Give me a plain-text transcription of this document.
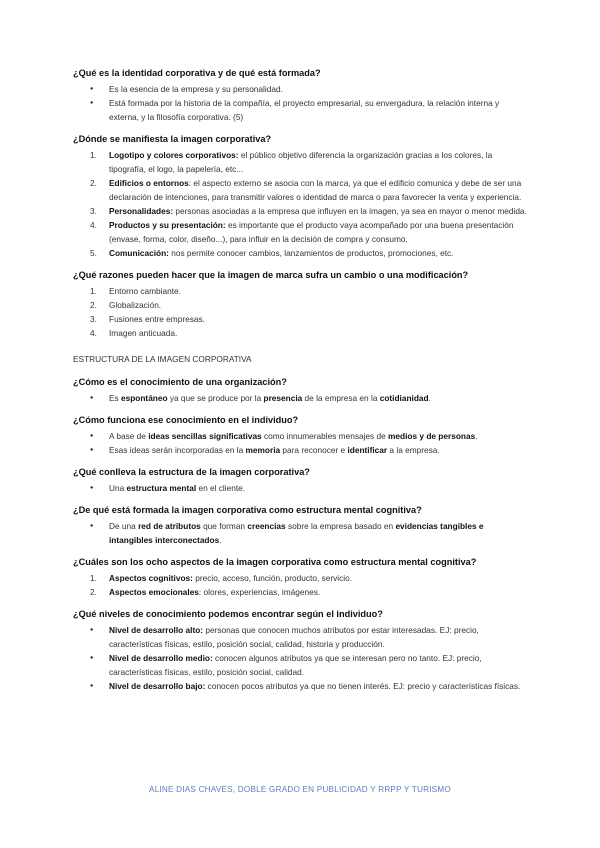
¿Qué es la identidad corporativa y de qué está formada?

● Es la esencia de la empresa y su personalidad.
● Está formada por la historia de la compañía, el proyecto empresarial, su envergadura, la relación interna y externa, y la filosofía corporativa. (5)

¿Dónde se manifiesta la imagen corporativa?

1. Logotipo y colores corporativos: el público objetivo diferencia la organización gracias a los colores, la tipografía, el logo, la papelería, etc...
2. Edificios o entornos: el aspecto externo se asocia con la marca, ya que el edificio comunica y debe de ser una declaración de intenciones, para transmitir valores o identidad de marca o para favorecer la venta y experiencia.
3. Personalidades: personas asociadas a la empresa que influyen en la imagen, ya sea en mayor o menor medida.
4. Productos y su presentación: es importante que el producto vaya acompañado por una buena presentación (envase, forma, color, diseño...), para influir en la decisión de compra y consumo.
5. Comunicación: nos permite conocer cambios, lanzamientos de productos, promociones, etc.

¿Qué razones pueden hacer que la imagen de marca sufra un cambio o una modificación?

1. Entorno cambiante.
2. Globalización.
3. Fusiones entre empresas.
4. Imagen anticuada.
ESTRUCTURA DE LA IMAGEN CORPORATIVA

¿Cómo es el conocimiento de una organización?

● Es espontáneo ya que se produce por la presencia de la empresa en la cotidianidad.

¿Cómo funciona ese conocimiento en el individuo?

● A base de ideas sencillas significativas como innumerables mensajes de medios y de personas.
● Esas ideas serán incorporadas en la memoria para reconocer e identificar a la empresa.

¿Qué conlleva la estructura de la imagen corporativa?

● Una estructura mental en el cliente.

¿De qué está formada la imagen corporativa como estructura mental cognitiva?

● De una red de atributos que forman creencias sobre la empresa basado en evidencias tangibles e intangibles interconectados.

¿Cuáles son los ocho aspectos de la imagen corporativa como estructura mental cognitiva?

1. Aspectos cognitivos: precio, acceso, función, producto, servicio.
2. Aspectos emocionales: olores, experiencias, imágenes.

¿Qué niveles de conocimiento podemos encontrar según el individuo?

● Nivel de desarrollo alto: personas que conocen muchos atributos por estar interesadas. EJ: precio, características físicas, estilo, posición social, calidad, historia y producción.
● Nivel de desarrollo medio: conocen algunos atributos ya que se interesan pero no tanto. EJ: precio, características físicas, estilo, posición social, calidad.
● Nivel de desarrollo bajo: conocen pocos atributos ya que no tienen interés. EJ: precio y características físicas.
ALINE DIAS CHAVES, DOBLE GRADO EN PUBLICIDAD Y RRPP Y TURISMO
